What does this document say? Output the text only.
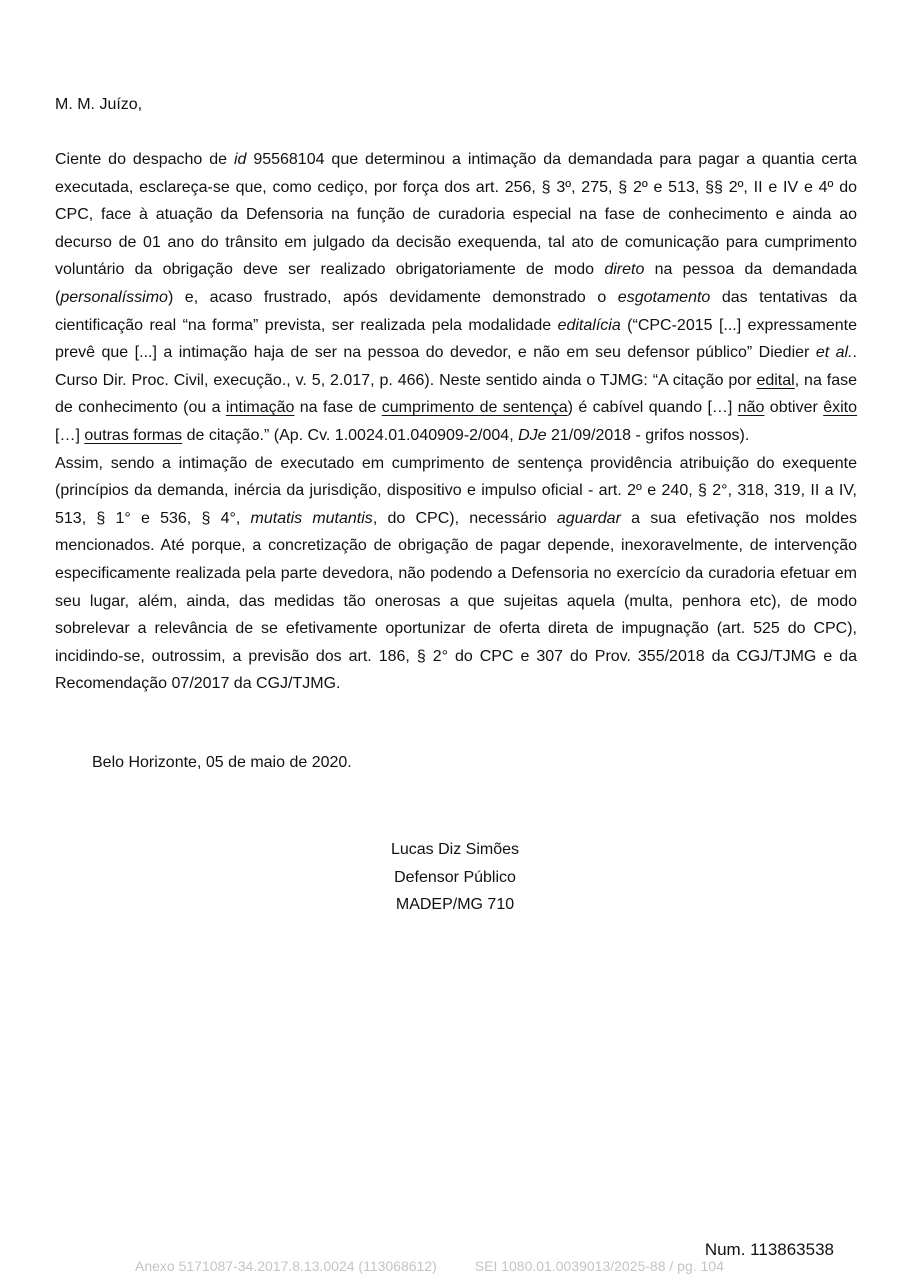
M. M. Juízo,

Ciente do despacho de id 95568104 que determinou a intimação da demandada para pagar a quantia certa executada, esclareça-se que, como cediço, por força dos art. 256, § 3º, 275, § 2º e 513, §§ 2º, II e IV e 4º do CPC, face à atuação da Defensoria na função de curadoria especial na fase de conhecimento e ainda ao decurso de 01 ano do trânsito em julgado da decisão exequenda, tal ato de comunicação para cumprimento voluntário da obrigação deve ser realizado obrigatoriamente de modo direto na pessoa da demandada (personalíssimo) e, acaso frustrado, após devidamente demonstrado o esgotamento das tentativas da cientificação real “na forma” prevista, ser realizada pela modalidade editalícia (“CPC-2015 [...] expressamente prevê que [...] a intimação haja de ser na pessoa do devedor, e não em seu defensor público” Diedier et al.. Curso Dir. Proc. Civil, execução., v. 5, 2.017, p. 466). Neste sentido ainda o TJMG: “A citação por edital, na fase de conhecimento (ou a intimação na fase de cumprimento de sentença) é cabível quando […] não obtiver êxito […] outras formas de citação.” (Ap. Cv. 1.0024.01.040909-2/004, DJe 21/09/2018 - grifos nossos).

Assim, sendo a intimação de executado em cumprimento de sentença providência atribuição do exequente (princípios da demanda, inércia da jurisdição, dispositivo e impulso oficial - art. 2º e 240, § 2°, 318, 319, II a IV, 513, § 1° e 536, § 4°, mutatis mutantis, do CPC), necessário aguardar a sua efetivação nos moldes mencionados. Até porque, a concretização de obrigação de pagar depende, inexoravelmente, de intervenção especificamente realizada pela parte devedora, não podendo a Defensoria no exercício da curadoria efetuar em seu lugar, além, ainda, das medidas tão onerosas a que sujeitas aquela (multa, penhora etc), de modo sobrelevar a relevância de se efetivamente oportunizar de oferta direta de impugnação (art. 525 do CPC), incidindo-se, outrossim, a previsão dos art. 186, § 2° do CPC e 307 do Prov. 355/2018 da CGJ/TJMG e da Recomendação 07/2017 da CGJ/TJMG.

Belo Horizonte, 05 de maio de 2020.
Lucas Diz Simões
Defensor Público
MADEP/MG 710
Num. 113863538
Anexo 5171087-34.2017.8.13.0024 (113068612)	SEI 1080.01.0039013/2025-88 / pg. 104
